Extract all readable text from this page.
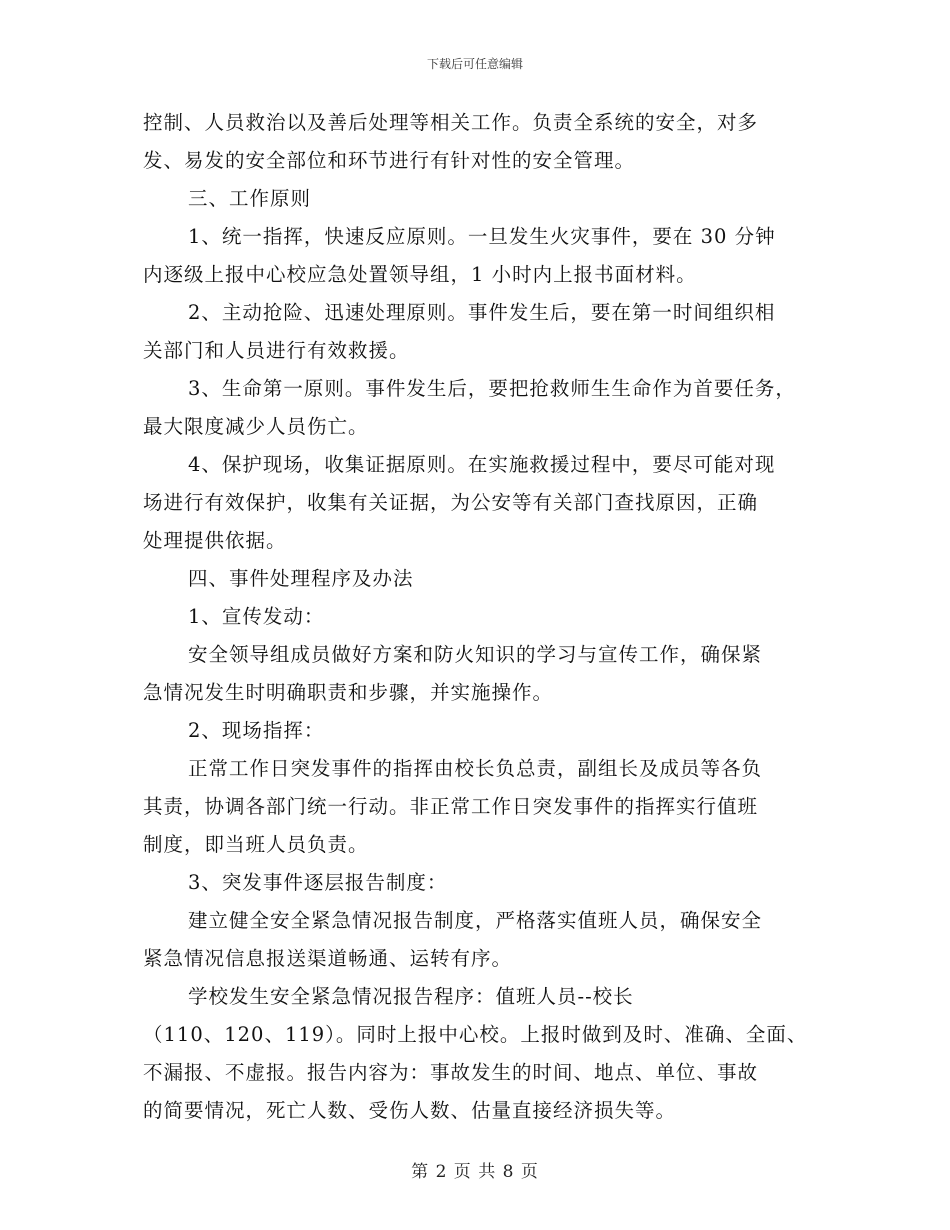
下载后可任意编辑
控制、人员救治以及善后处理等相关工作。负责全系统的安全，对多
发、易发的安全部位和环节进行有针对性的安全管理。
三、工作原则
1、统一指挥，快速反应原则。一旦发生火灾事件，要在 30 分钟
内逐级上报中心校应急处置领导组，1 小时内上报书面材料。
2、主动抢险、迅速处理原则。事件发生后，要在第一时间组织相
关部门和人员进行有效救援。
3、生命第一原则。事件发生后，要把抢救师生生命作为首要任务，
最大限度减少人员伤亡。
4、保护现场，收集证据原则。在实施救援过程中，要尽可能对现
场进行有效保护，收集有关证据，为公安等有关部门查找原因，正确
处理提供依据。
四、事件处理程序及办法
1、宣传发动：
安全领导组成员做好方案和防火知识的学习与宣传工作，确保紧
急情况发生时明确职责和步骤，并实施操作。
2、现场指挥：
正常工作日突发事件的指挥由校长负总责，副组长及成员等各负
其责，协调各部门统一行动。非正常工作日突发事件的指挥实行值班
制度，即当班人员负责。
3、突发事件逐层报告制度：
建立健全安全紧急情况报告制度，严格落实值班人员，确保安全
紧急情况信息报送渠道畅通、运转有序。
学校发生安全紧急情况报告程序：值班人员--校长
（110、120、119）。同时上报中心校。上报时做到及时、准确、全面、
不漏报、不虚报。报告内容为：事故发生的时间、地点、单位、事故
的简要情况，死亡人数、受伤人数、估量直接经济损失等。
第 2 页 共 8 页
